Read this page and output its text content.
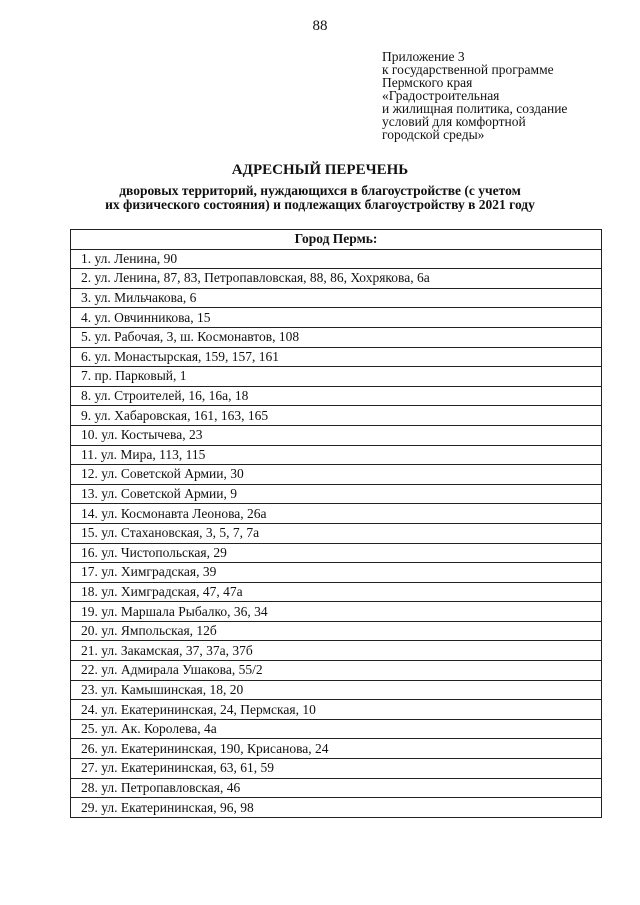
88
Приложение 3
к государственной программе
Пермского края
«Градостроительная
и жилищная политика, создание
условий для комфортной
городской среды»
АДРЕСНЫЙ ПЕРЕЧЕНЬ
дворовых территорий, нуждающихся в благоустройстве (с учетом
их физического состояния) и подлежащих благоустройству в 2021 году
Город Пермь:
1. ул. Ленина, 90
2. ул. Ленина, 87, 83, Петропавловская, 88, 86, Хохрякова, 6а
3. ул. Мильчакова, 6
4. ул. Овчинникова, 15
5. ул. Рабочая, 3, ш. Космонавтов, 108
6. ул. Монастырская, 159, 157, 161
7. пр. Парковый, 1
8. ул. Строителей, 16, 16а, 18
9. ул. Хабаровская, 161, 163, 165
10. ул. Костычева, 23
11. ул. Мира, 113, 115
12. ул. Советской Армии, 30
13. ул. Советской Армии, 9
14. ул. Космонавта Леонова, 26а
15. ул. Стахановская, 3, 5, 7, 7а
16. ул. Чистопольская, 29
17. ул. Химградская, 39
18. ул. Химградская, 47, 47а
19. ул. Маршала Рыбалко, 36, 34
20. ул. Ямпольская, 12б
21. ул. Закамская, 37, 37а, 37б
22. ул. Адмирала Ушакова, 55/2
23. ул. Камышинская, 18, 20
24. ул. Екатерининская, 24, Пермская, 10
25. ул. Ак. Королева, 4а
26. ул. Екатерининская, 190, Крисанова, 24
27. ул. Екатерининская, 63, 61, 59
28. ул. Петропавловская, 46
29. ул. Екатерининская, 96, 98
